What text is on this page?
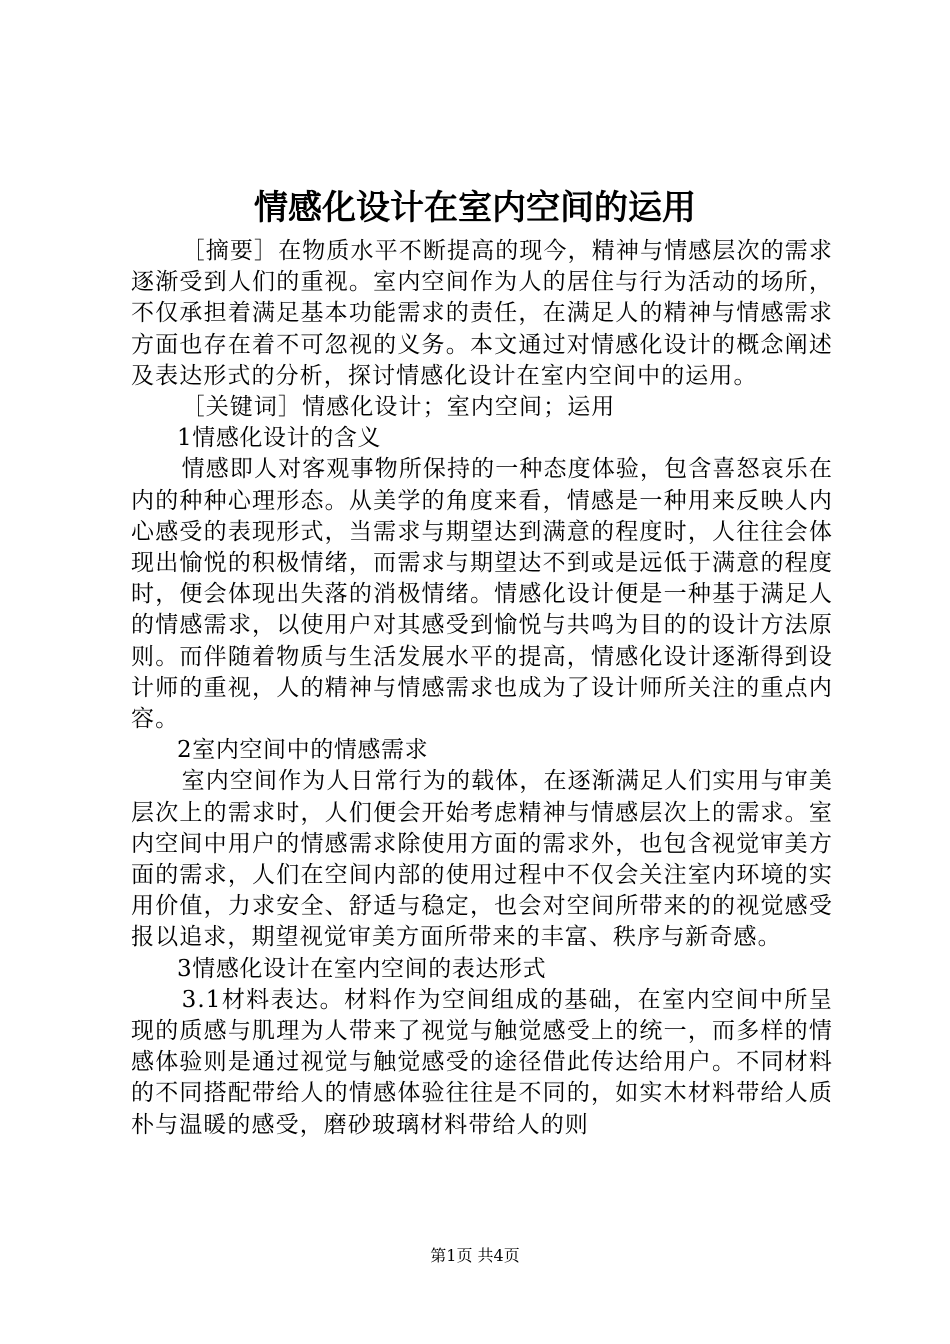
情感化设计在室内空间的运用

［摘要］在物质水平不断提高的现今，精神与情感层次的需求逐渐受到人们的重视。室内空间作为人的居住与行为活动的场所，不仅承担着满足基本功能需求的责任，在满足人的精神与情感需求方面也存在着不可忽视的义务。本文通过对情感化设计的概念阐述及表达形式的分析，探讨情感化设计在室内空间中的运用。

［关键词］情感化设计；室内空间；运用

1情感化设计的含义

情感即人对客观事物所保持的一种态度体验，包含喜怒哀乐在内的种种心理形态。从美学的角度来看，情感是一种用来反映人内心感受的表现形式，当需求与期望达到满意的程度时，人往往会体现出愉悦的积极情绪，而需求与期望达不到或是远低于满意的程度时，便会体现出失落的消极情绪。情感化设计便是一种基于满足人的情感需求，以使用户对其感受到愉悦与共鸣为目的的设计方法原则。而伴随着物质与生活发展水平的提高，情感化设计逐渐得到设计师的重视，人的精神与情感需求也成为了设计师所关注的重点内容。

2室内空间中的情感需求

室内空间作为人日常行为的载体，在逐渐满足人们实用与审美层次上的需求时，人们便会开始考虑精神与情感层次上的需求。室内空间中用户的情感需求除使用方面的需求外，也包含视觉审美方面的需求，人们在空间内部的使用过程中不仅会关注室内环境的实用价值，力求安全、舒适与稳定，也会对空间所带来的的视觉感受报以追求，期望视觉审美方面所带来的丰富、秩序与新奇感。

3情感化设计在室内空间的表达形式

3.1材料表达。材料作为空间组成的基础，在室内空间中所呈现的质感与肌理为人带来了视觉与触觉感受上的统一，而多样的情感体验则是通过视觉与触觉感受的途径借此传达给用户。不同材料的不同搭配带给人的情感体验往往是不同的，如实木材料带给人质朴与温暖的感受，磨砂玻璃材料带给人的则

第1页 共4页
